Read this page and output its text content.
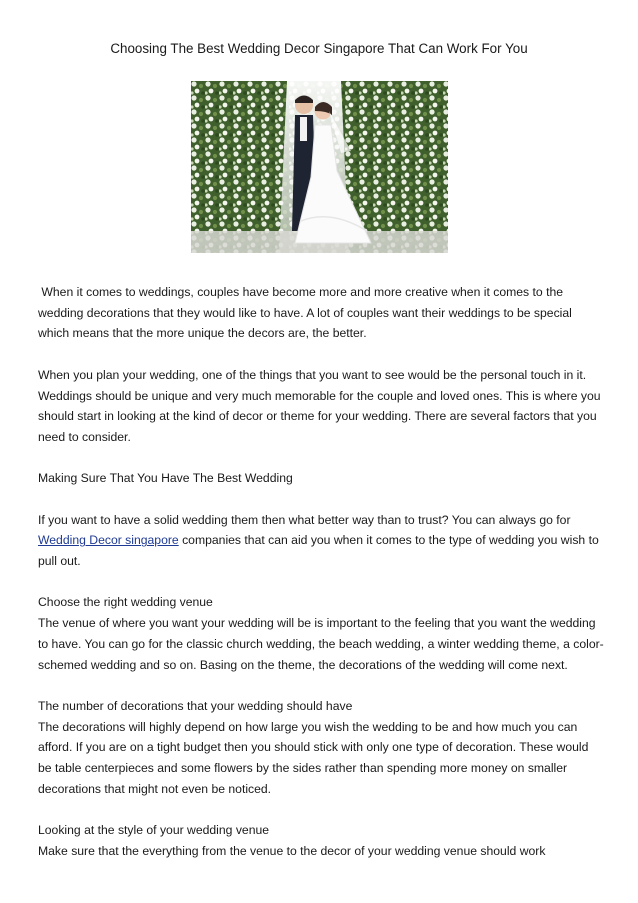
Choosing The Best Wedding Decor Singapore That Can Work For You

When it comes to weddings, couples have become more and more creative when it comes to the wedding decorations that they would like to have. A lot of couples want their weddings to be special which means that the more unique the decors are, the better.

When you plan your wedding, one of the things that you want to see would be the personal touch in it. Weddings should be unique and very much memorable for the couple and loved ones. This is where you should start in looking at the kind of decor or theme for your wedding. There are several factors that you need to consider.

Making Sure That You Have The Best Wedding

If you want to have a solid wedding them then what better way than to trust? You can always go for Wedding Decor singapore companies that can aid you when it comes to the type of wedding you wish to pull out.

Choose the right wedding venue

The venue of where you want your wedding will be is important to the feeling that you want the wedding to have. You can go for the classic church wedding, the beach wedding, a winter wedding theme, a color-schemed wedding and so on. Basing on the theme, the decorations of the wedding will come next.

The number of decorations that your wedding should have

The decorations will highly depend on how large you wish the wedding to be and how much you can afford. If you are on a tight budget then you should stick with only one type of decoration. These would be table centerpieces and some flowers by the sides rather than spending more money on smaller decorations that might not even be noticed.

Looking at the style of your wedding venue

Make sure that the everything from the venue to the decor of your wedding venue should work
